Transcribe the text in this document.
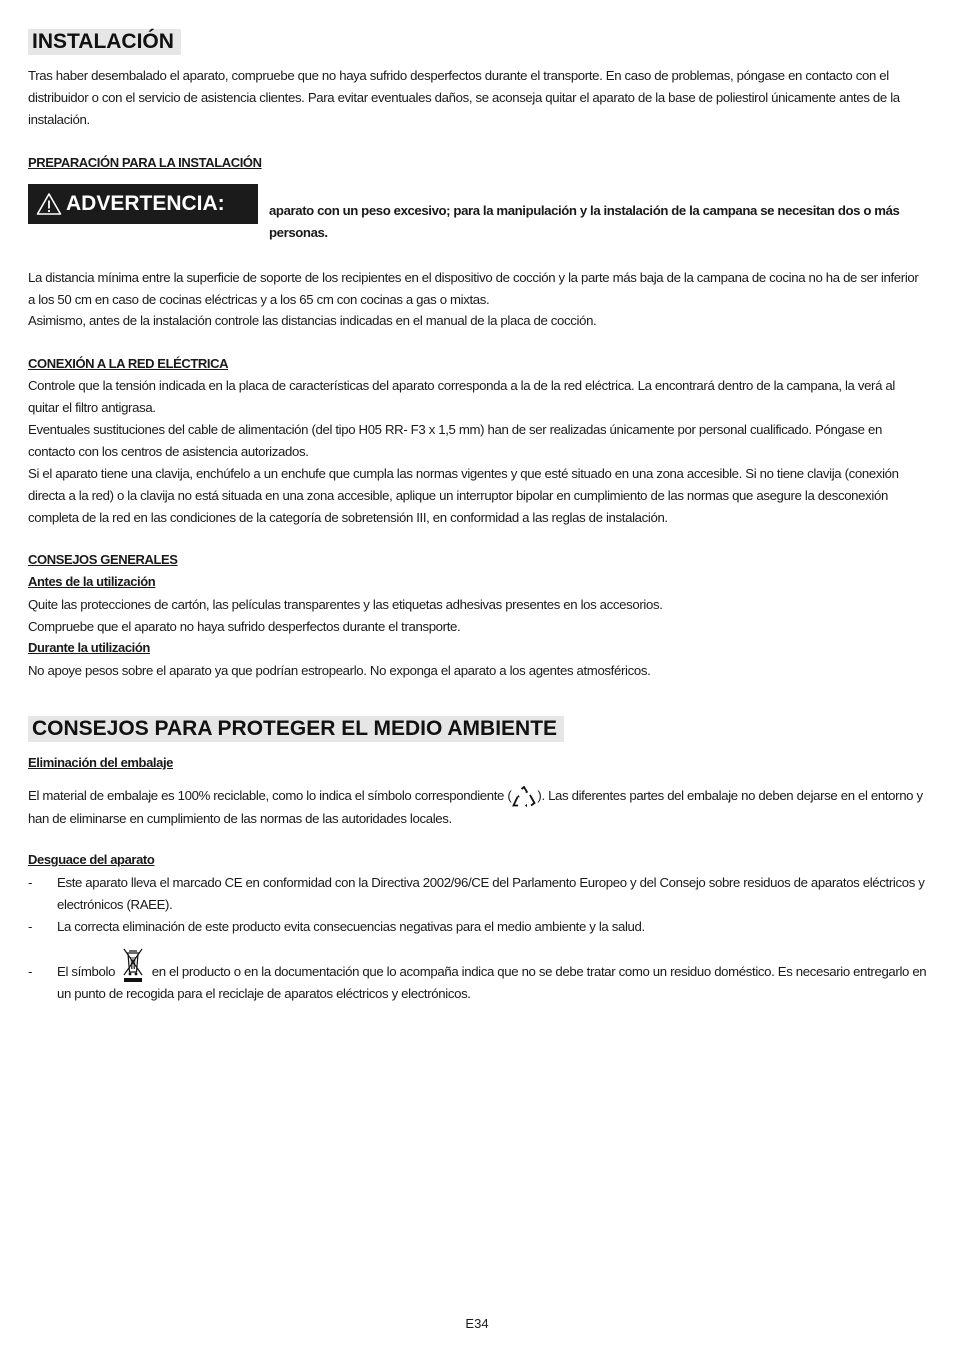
INSTALACIÓN
Tras haber desembalado el aparato, compruebe que no haya sufrido desperfectos durante el transporte. En caso de problemas, póngase en contacto con el distribuidor o con el servicio de asistencia clientes. Para evitar eventuales daños, se aconseja quitar el aparato de la base de poliestirol únicamente antes de la instalación.
PREPARACIÓN PARA LA INSTALACIÓN
ADVERTENCIA:	aparato con un peso excesivo; para la manipulación y la instalación de la campana se necesitan dos o más personas.
La distancia mínima entre la superficie de soporte de los recipientes en el dispositivo de cocción y la parte más baja de la campana de cocina no ha de ser inferior a los 50 cm en caso de cocinas eléctricas y a los 65 cm con cocinas a gas o mixtas.
Asimismo, antes de la instalación controle las distancias indicadas en el manual de la placa de cocción.
CONEXIÓN A LA RED ELÉCTRICA
Controle que la tensión indicada en la placa de características del aparato corresponda a la de la red eléctrica. La encontrará dentro de la campana, la verá al quitar el filtro antigrasa.
Eventuales sustituciones del cable de alimentación (del tipo H05 RR- F3 x 1,5 mm) han de ser realizadas únicamente por personal cualificado. Póngase en contacto con los centros de asistencia autorizados.
Si el aparato tiene una clavija, enchúfelo a un enchufe que cumpla las normas vigentes y que esté situado en una zona accesible. Si no tiene clavija (conexión directa a la red) o la clavija no está situada en una zona accesible, aplique un interruptor bipolar en cumplimiento de las normas que asegure la desconexión completa de la red en las condiciones de la categoría de sobretensión III, en conformidad a las reglas de instalación.
CONSEJOS GENERALES
Antes de la utilización
Quite las protecciones de cartón, las películas transparentes y las etiquetas adhesivas presentes en los accesorios.
Compruebe que el aparato no haya sufrido desperfectos durante el transporte.
Durante la utilización
No apoye pesos sobre el aparato ya que podrían estropearlo. No exponga el aparato a los agentes atmosféricos.
CONSEJOS PARA PROTEGER EL MEDIO AMBIENTE
Eliminación del embalaje
El material de embalaje es 100% reciclable, como lo indica el símbolo correspondiente ( ). Las diferentes partes del embalaje no deben dejarse en el entorno y han de eliminarse en cumplimiento de las normas de las autoridades locales.
Desguace del aparato
- Este aparato lleva el marcado CE en conformidad con la Directiva 2002/96/CE del Parlamento Europeo y del Consejo sobre residuos de aparatos eléctricos y electrónicos (RAEE).
- La correcta eliminación de este producto evita consecuencias negativas para el medio ambiente y la salud.
- El símbolo	en el producto o en la documentación que lo acompaña indica que no se debe tratar como un residuo doméstico. Es necesario entregarlo en un punto de recogida para el reciclaje de aparatos eléctricos y electrónicos.
E34
